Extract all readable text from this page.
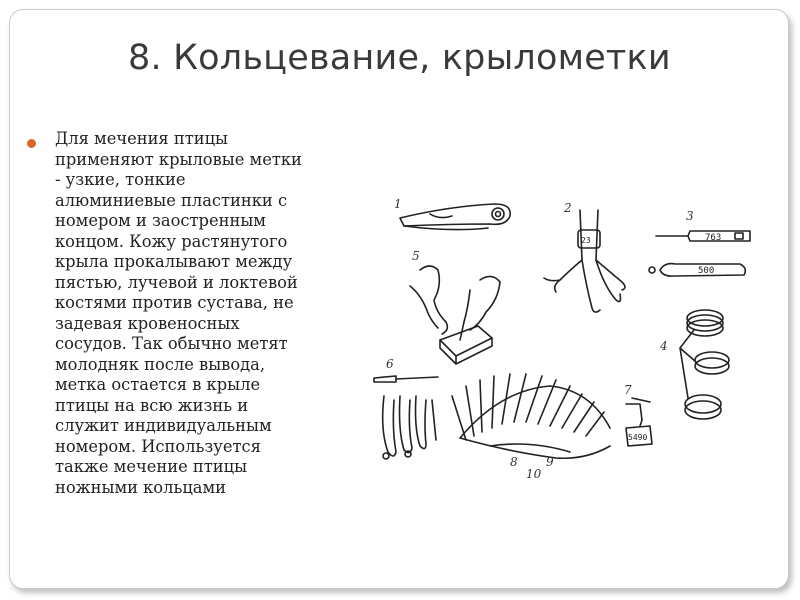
8. Кольцевание, крылометки

Для мечения птицы
применяют крыловые метки
- узкие, тонкие
алюминиевые пластинки с
номером и заостренным
концом. Кожу растянутого
крыла прокалывают между
пястью, лучевой и локтевой
костями против сустава, не
задевая кровеносных
сосудов. Так обычно метят
молодняк после вывода,
метка остается в крыле
птицы на всю жизнь и
служит индивидуальным
номером. Используется
также мечение птицы
ножными кольцами

763
500
5490
23
1	2
3
4
5
6
7
8 9
10
